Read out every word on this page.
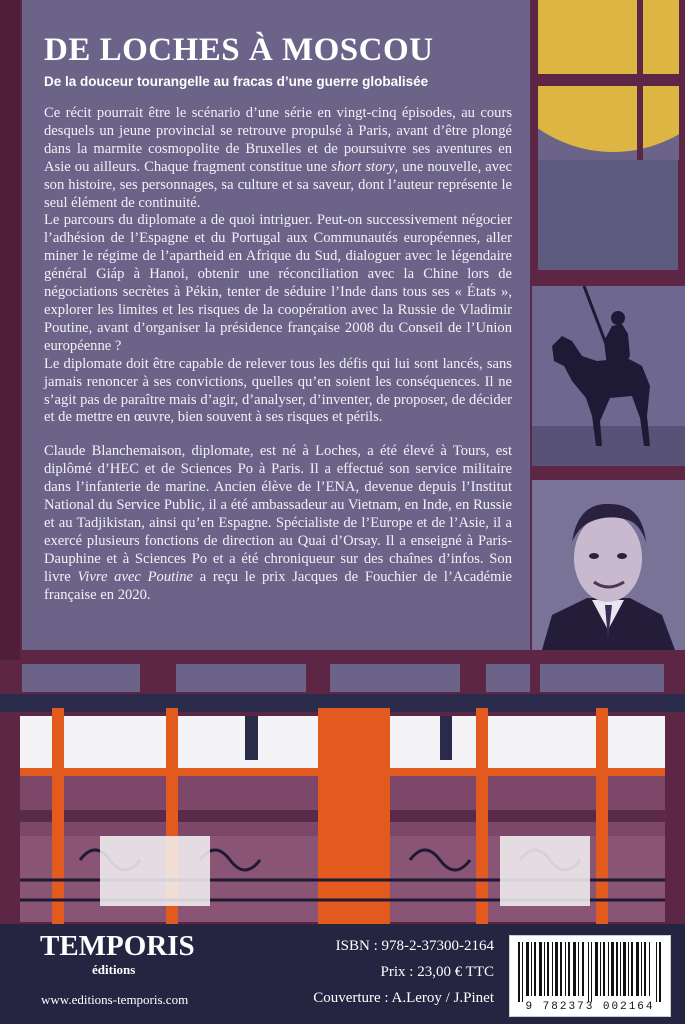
DE LOCHES À MOSCOU
De la douceur tourangelle au fracas d’une guerre globalisée

Ce récit pourrait être le scénario d’une série en vingt-cinq épisodes, au cours desquels un jeune provincial se retrouve propulsé à Paris, avant d’être plongé dans la marmite cosmopolite de Bruxelles et de poursuivre ses aventures en Asie ou ailleurs. Chaque fragment constitue une short story, une nouvelle, avec son histoire, ses personnages, sa culture et sa saveur, dont l’auteur représente le seul élément de continuité.

Le parcours du diplomate a de quoi intriguer. Peut-on successivement négocier l’adhésion de l’Espagne et du Portugal aux Communautés européennes, aller miner le régime de l’apartheid en Afrique du Sud, dialoguer avec le légendaire général Giáp à Hanoi, obtenir une réconciliation avec la Chine lors de négociations secrètes à Pékin, tenter de séduire l’Inde dans tous ses « États », explorer les limites et les risques de la coopération avec la Russie de Vladimir Poutine, avant d’organiser la présidence française 2008 du Conseil de l’Union européenne ?

Le diplomate doit être capable de relever tous les défis qui lui sont lancés, sans jamais renoncer à ses convictions, quelles qu’en soient les conséquences. Il ne s’agit pas de paraître mais d’agir, d’analyser, d’inventer, de proposer, de décider et de mettre en œuvre, bien souvent à ses risques et périls.

Claude Blanchemaison, diplomate, est né à Loches, a été élevé à Tours, est diplômé d’HEC et de Sciences Po à Paris. Il a effectué son service militaire dans l’infanterie de marine. Ancien élève de l’ENA, devenue depuis l’Institut National du Service Public, il a été ambassadeur au Vietnam, en Inde, en Russie et au Tadjikistan, ainsi qu’en Espagne. Spécialiste de l’Europe et de l’Asie, il a exercé plusieurs fonctions de direction au Quai d’Orsay. Il a enseigné à Paris-Dauphine et à Sciences Po et a été chroniqueur sur des chaînes d’infos. Son livre Vivre avec Poutine a reçu le prix Jacques de Fouchier de l’Académie française en 2020.

TEMPORIS
éditions
www.editions-temporis.com
ISBN : 978-2-37300-2164
Prix : 23,00 € TTC
Couverture : A.Leroy / J.Pinet
9 782373 002164
